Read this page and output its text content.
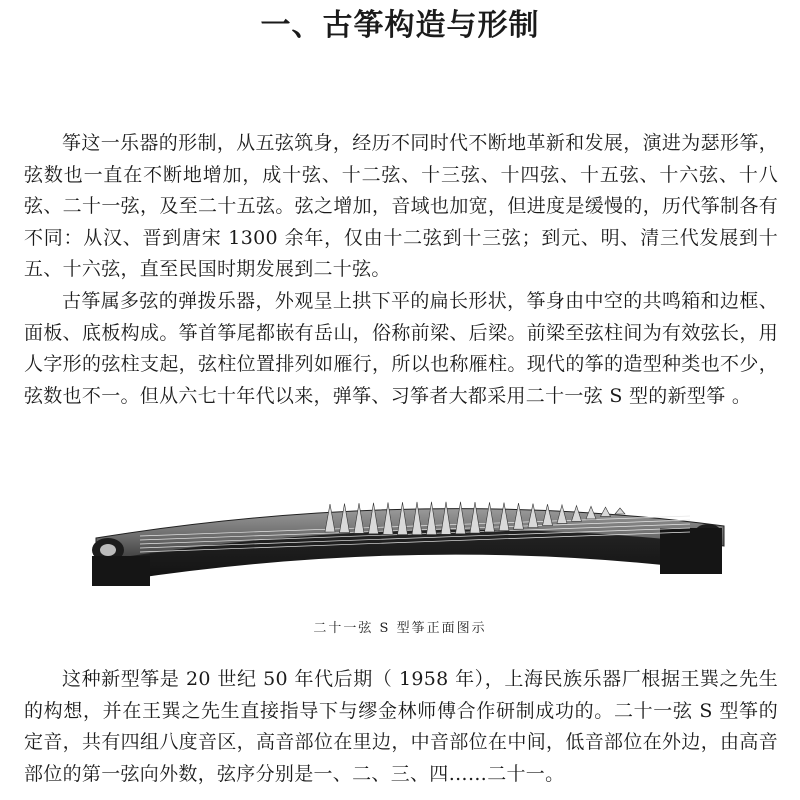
一、古筝构造与形制

筝这一乐器的形制，从五弦筑身，经历不同时代不断地革新和发展，演进为瑟形筝，弦数也一直在不断地增加，成十弦、十二弦、十三弦、十四弦、十五弦、十六弦、十八弦、二十一弦，及至二十五弦。弦之增加，音域也加宽，但进度是缓慢的，历代筝制各有不同：从汉、晋到唐宋 1300 余年，仅由十二弦到十三弦；到元、明、清三代发展到十五、十六弦，直至民国时期发展到二十弦。

古筝属多弦的弹拨乐器，外观呈上拱下平的扁长形状，筝身由中空的共鸣箱和边框、面板、底板构成。筝首筝尾都嵌有岳山，俗称前梁、后梁。前梁至弦柱间为有效弦长，用人字形的弦柱支起，弦柱位置排列如雁行，所以也称雁柱。现代的筝的造型种类也不少，弦数也不一。但从六七十年代以来，弹筝、习筝者大都采用二十一弦 S 型的新型筝 。

二十一弦 S 型筝正面图示

这种新型筝是 20 世纪 50 年代后期（ 1958 年），上海民族乐器厂根据王巽之先生的构想，并在王巽之先生直接指导下与缪金林师傅合作研制成功的。二十一弦 S 型筝的定音，共有四组八度音区，高音部位在里边，中音部位在中间，低音部位在外边，由高音部位的第一弦向外数，弦序分别是一、二、三、四……二十一。
